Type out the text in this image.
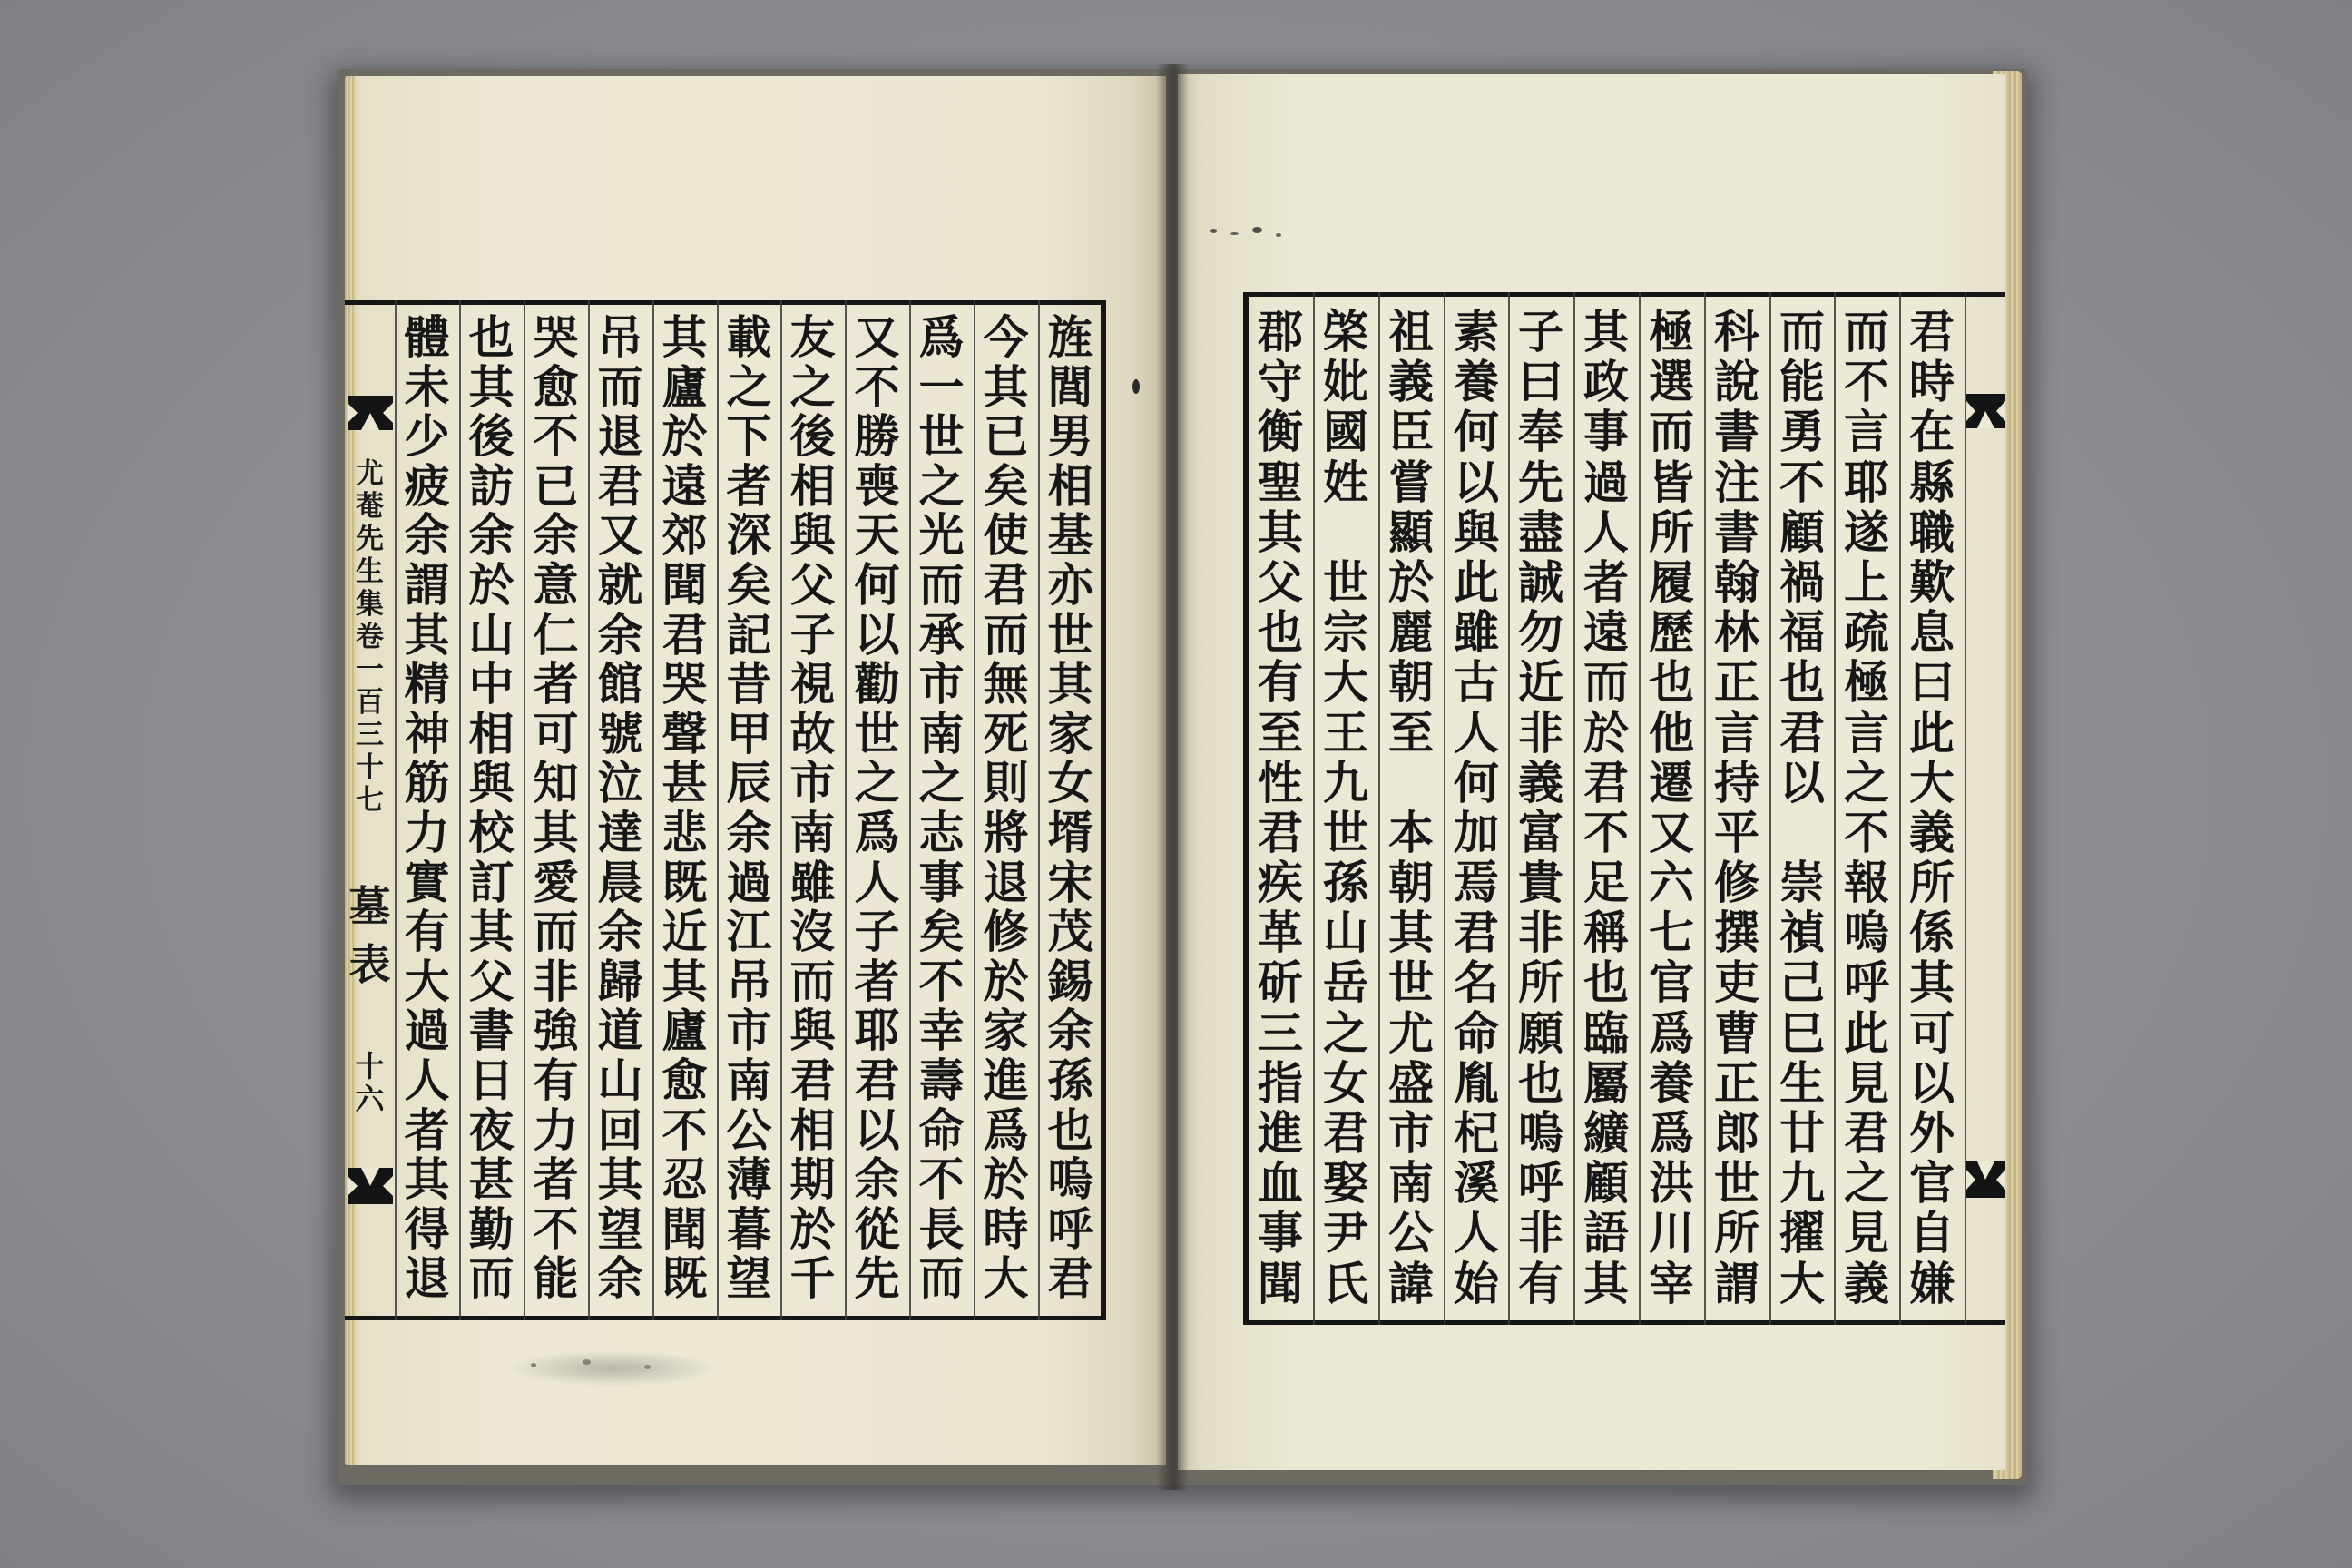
尤
菴
先
生
集
卷
一
百
三
十
七
墓
表
十
六
旌
閭
男
相
基
亦
世
其
家
女
壻
宋
茂
錫
余
孫
也
嗚
呼
君
今
其
已
矣
使
君
而
無
死
則
將
退
修
於
家
進
爲
於
時
大
爲
一
世
之
光
而
承
市
南
之
志
事
矣
不
幸
壽
命
不
長
而
又
不
勝
喪
天
何
以
勸
世
之
爲
人
子
者
耶
君
以
余
從
先
友
之
後
相
與
父
子
視
故
市
南
雖
沒
而
與
君
相
期
於
千
載
之
下
者
深
矣
記
昔
甲
辰
余
過
江
吊
市
南
公
薄
暮
望
其
廬
於
遠
郊
聞
君
哭
聲
甚
悲
既
近
其
廬
愈
不
忍
聞
既
吊
而
退
君
又
就
余
館
號
泣
達
晨
余
歸
道
山
回
其
望
余
哭
愈
不
已
余
意
仁
者
可
知
其
愛
而
非
強
有
力
者
不
能
也
其
後
訪
余
於
山
中
相
與
校
訂
其
父
書
日
夜
甚
勤
而
體
未
少
疲
余
謂
其
精
神
筋
力
實
有
大
過
人
者
其
得
退
君
時
在
縣
職
歎
息
曰
此
大
義
所
係
其
可
以
外
官
自
嫌
而
不
言
耶
遂
上
疏
極
言
之
不
報
嗚
呼
此
見
君
之
見
義
而
能
勇
不
顧
禍
福
也
君
以

崇
禎
己
巳
生
廿
九
擢
大
科
說
書
注
書
翰
林
正
言
持
平
修
撰
吏
曹
正
郎
世
所
謂
極
選
而
皆
所
履
歷
也
他
遷
又
六
七
官
爲
養
爲
洪
川
宰
其
政
事
過
人
者
遠
而
於
君
不
足
稱
也
臨
屬
纊
顧
語
其
子
曰
奉
先
盡
誠
勿
近
非
義
富
貴
非
所
願
也
嗚
呼
非
有
素
養
何
以
與
此
雖
古
人
何
加
焉
君
名
命
胤
杞
溪
人
始
祖
義
臣
嘗
顯
於
麗
朝
至

本
朝
其
世
尤
盛
市
南
公
諱
棨
妣
國
姓

世
宗
大
王
九
世
孫
山
岳
之
女
君
娶
尹
氏
郡
守
衡
聖
其
父
也
有
至
性
君
疾
革
斫
三
指
進
血
事
聞
